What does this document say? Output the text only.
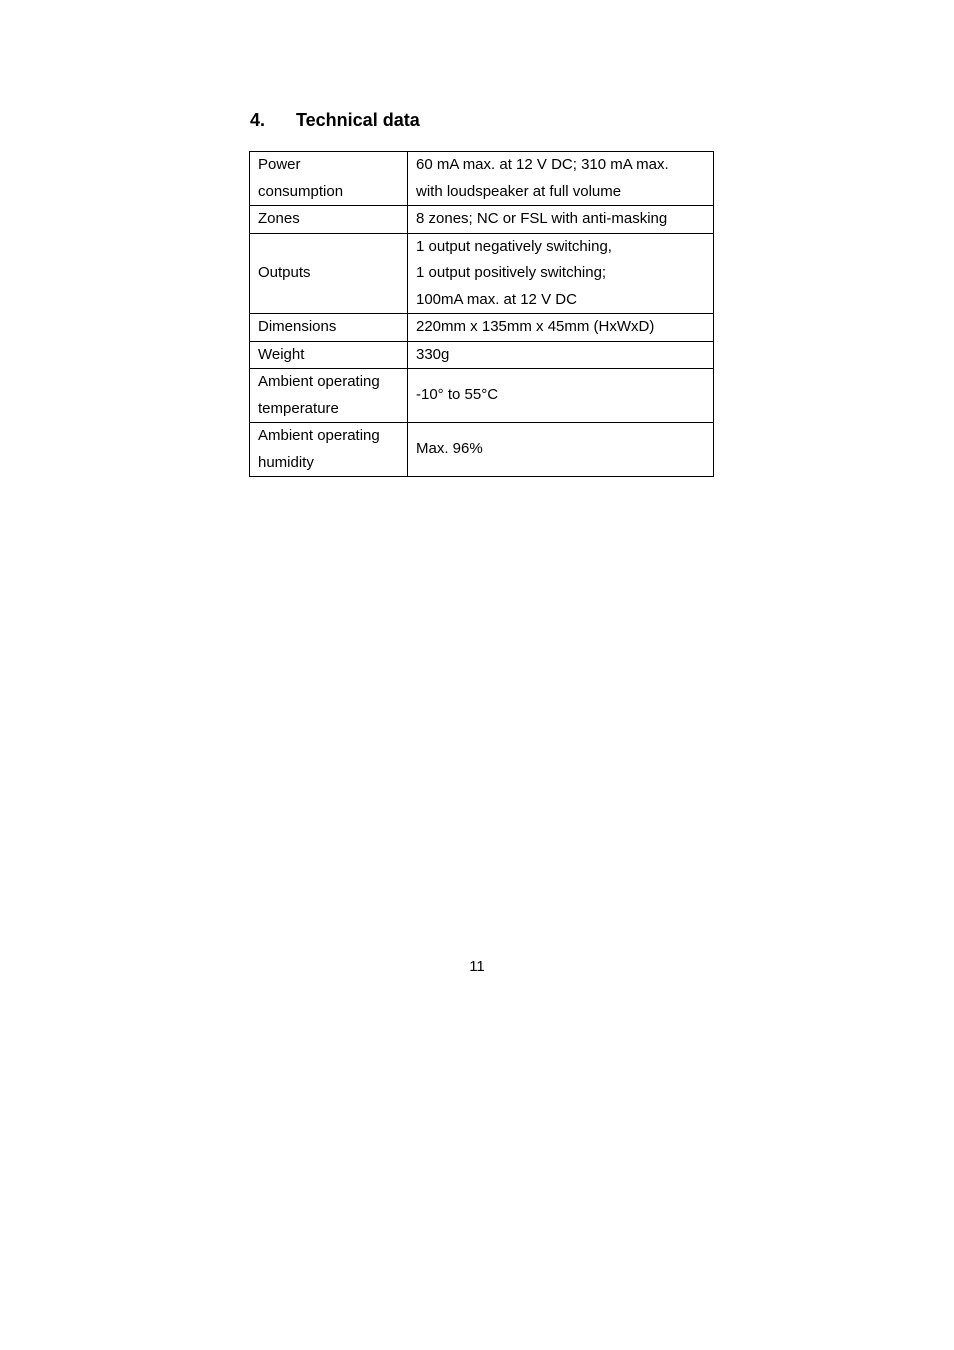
4. Technical data
Power
consumption	60 mA max. at 12 V DC; 310 mA max.
with loudspeaker at full volume

Zones	8 zones; NC or FSL with anti-masking

Outputs	1 output negatively switching,
1 output positively switching;
100mA max. at 12 V DC

Dimensions	220mm x 135mm x 45mm (HxWxD)

Weight	330g

Ambient operating
temperature	-10° to 55°C

Ambient operating
humidity	Max. 96%
11
